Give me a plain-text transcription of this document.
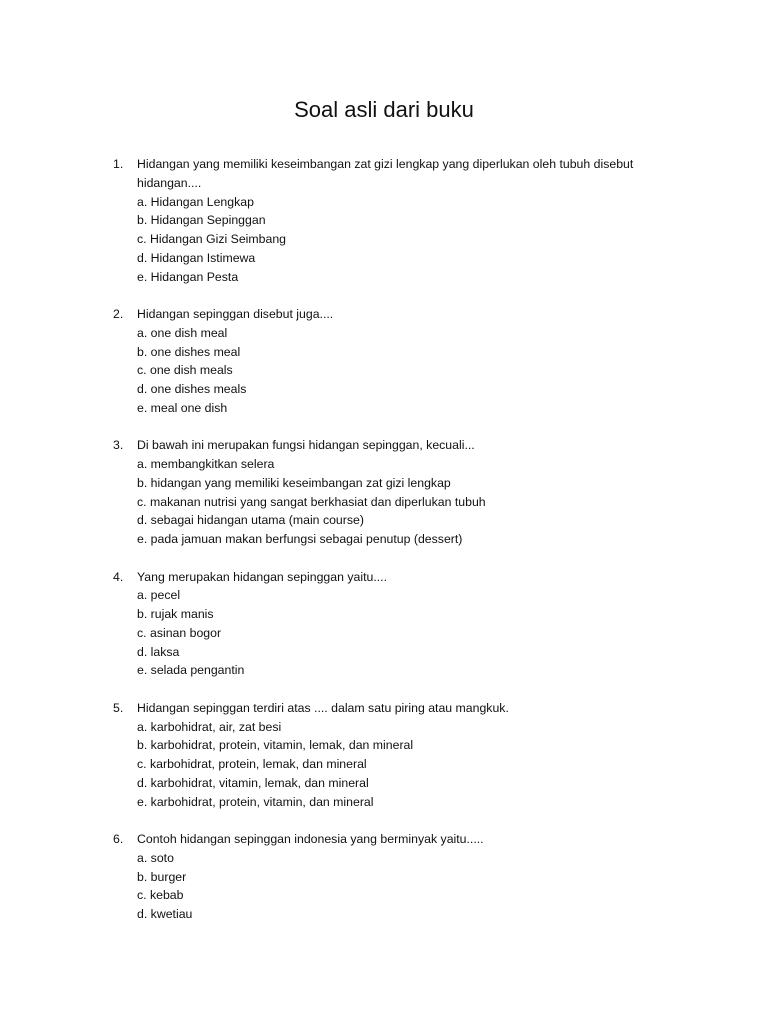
Soal asli dari buku
1. Hidangan yang memiliki keseimbangan zat gizi lengkap yang diperlukan oleh tubuh disebut hidangan....
a. Hidangan Lengkap
b. Hidangan Sepinggan
c. Hidangan Gizi Seimbang
d. Hidangan Istimewa
e. Hidangan Pesta
2. Hidangan sepinggan disebut juga....
a. one dish meal
b. one dishes meal
c. one dish meals
d. one dishes meals
e. meal one dish
3. Di bawah ini merupakan fungsi hidangan sepinggan, kecuali...
a. membangkitkan selera
b. hidangan yang memiliki keseimbangan zat gizi lengkap
c. makanan nutrisi yang sangat berkhasiat dan diperlukan tubuh
d. sebagai hidangan utama (main course)
e. pada jamuan makan berfungsi sebagai penutup (dessert)
4. Yang merupakan hidangan sepinggan yaitu....
a. pecel
b. rujak manis
c. asinan bogor
d. laksa
e. selada pengantin
5. Hidangan sepinggan terdiri atas .... dalam satu piring atau mangkuk.
a. karbohidrat, air, zat besi
b. karbohidrat, protein, vitamin, lemak, dan mineral
c. karbohidrat, protein, lemak, dan mineral
d. karbohidrat, vitamin, lemak, dan mineral
e. karbohidrat, protein, vitamin, dan mineral
6. Contoh hidangan sepinggan indonesia yang berminyak yaitu.....
a. soto
b. burger
c. kebab
d. kwetiau
